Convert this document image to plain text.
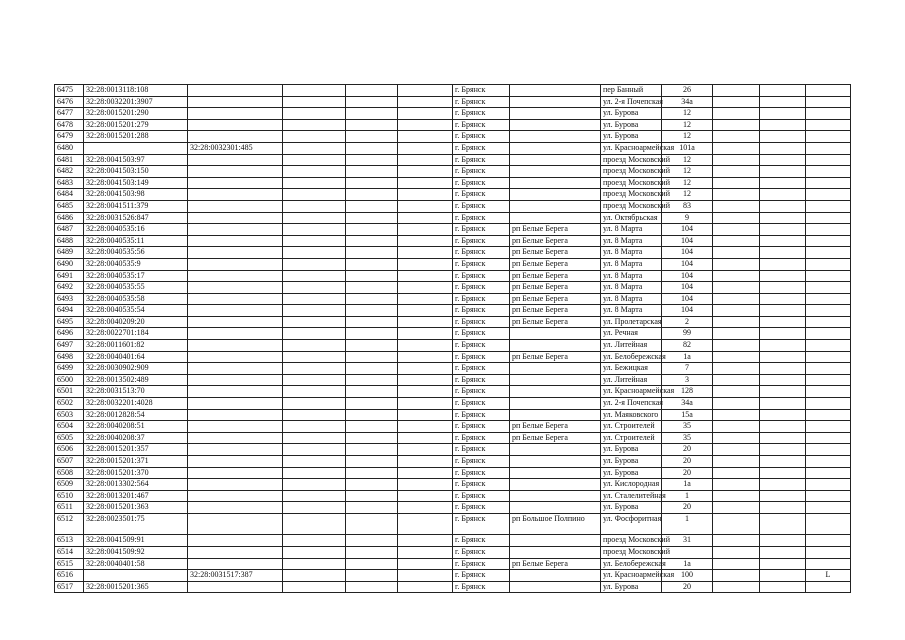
6475	32:28:0013118:108					г. Брянск		пер Банный	26			
6476	32:28:0032201:3907					г. Брянск		ул. 2-я Почепская	34а			
6477	32:28:0015201:290					г. Брянск		ул. Бурова	12			
6478	32:28:0015201:279					г. Брянск		ул. Бурова	12			
6479	32:28:0015201:288					г. Брянск		ул. Бурова	12			
6480		32:28:0032301:485				г. Брянск		ул. Красноармейская	101а			
6481	32:28:0041503:97					г. Брянск		проезд Московский	12			
6482	32:28:0041503:150					г. Брянск		проезд Московский	12			
6483	32:28:0041503:149					г. Брянск		проезд Московский	12			
6484	32:28:0041503:98					г. Брянск		проезд Московский	12			
6485	32:28:0041511:379					г. Брянск		проезд Московский	83			
6486	32:28:0031526:847					г. Брянск		ул. Октябрьская	9			
6487	32:28:0040535:16					г. Брянск	рп Белые Берега	ул. 8 Марта	104			
6488	32:28:0040535:11					г. Брянск	рп Белые Берега	ул. 8 Марта	104			
6489	32:28:0040535:56					г. Брянск	рп Белые Берега	ул. 8 Марта	104			
6490	32:28:0040535:9					г. Брянск	рп Белые Берега	ул. 8 Марта	104			
6491	32:28:0040535:17					г. Брянск	рп Белые Берега	ул. 8 Марта	104			
6492	32:28:0040535:55					г. Брянск	рп Белые Берега	ул. 8 Марта	104			
6493	32:28:0040535:58					г. Брянск	рп Белые Берега	ул. 8 Марта	104			
6494	32:28:0040535:54					г. Брянск	рп Белые Берега	ул. 8 Марта	104			
6495	32:28:0040209:20					г. Брянск	рп Белые Берега	ул. Пролетарская	2			
6496	32:28:0022701:184					г. Брянск		ул. Речная	99			
6497	32:28:0011601:82					г. Брянск		ул. Литейная	82			
6498	32:28:0040401:64					г. Брянск	рп Белые Берега	ул. Белобережская	1а			
6499	32:28:0030902:909					г. Брянск		ул. Бежицкая	7			
6500	32:28:0013502:489					г. Брянск		ул. Литейная	3			
6501	32:28:0031513:70					г. Брянск		ул. Красноармейская	128			
6502	32:28:0032201:4028					г. Брянск		ул. 2-я Почепская	34а			
6503	32:28:0012828:54					г. Брянск		ул. Маяковского	15а			
6504	32:28:0040208:51					г. Брянск	рп Белые Берега	ул. Строителей	35			
6505	32:28:0040208:37					г. Брянск	рп Белые Берега	ул. Строителей	35			
6506	32:28:0015201:357					г. Брянск		ул. Бурова	20			
6507	32:28:0015201:371					г. Брянск		ул. Бурова	20			
6508	32:28:0015201:370					г. Брянск		ул. Бурова	20			
6509	32:28:0013302:564					г. Брянск		ул. Кислородная	1а			
6510	32:28:0013201:467					г. Брянск		ул. Сталелитейная	1			
6511	32:28:0015201:363					г. Брянск		ул. Бурова	20			
6512	32:28:0023501:75					г. Брянск	рп Большое Полпино	ул. Фосфоритная	1			
6513	32:28:0041509:91					г. Брянск		проезд Московский	31			
6514	32:28:0041509:92					г. Брянск		проезд Московский				
6515	32:28:0040401:58					г. Брянск	рп Белые Берега	ул. Белобережская	1а			
6516		32:28:0031517:387				г. Брянск		ул. Красноармейская	100			L
6517	32:28:0015201:365					г. Брянск		ул. Бурова	20			
